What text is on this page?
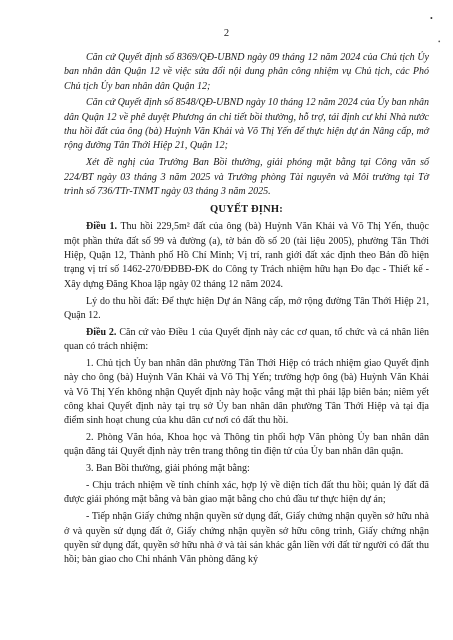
2
•
•

Căn cứ Quyết định số 8369/QĐ-UBND ngày 09 tháng 12 năm 2024 của Chủ tịch Ủy ban nhân dân Quận 12 về việc sửa đổi nội dung phân công nhiệm vụ Chủ tịch, các Phó Chủ tịch Ủy ban nhân dân Quận 12;

Căn cứ Quyết định số 8548/QĐ-UBND ngày 10 tháng 12 năm 2024 của Ủy ban nhân dân Quận 12 về phê duyệt Phương án chi tiết bồi thường, hỗ trợ, tái định cư khi Nhà nước thu hồi đất của ông (bà) Huỳnh Văn Khải và Võ Thị Yến để thực hiện dự án Nâng cấp, mở rộng đường Tân Thới Hiệp 21, Quận 12;

Xét đề nghị của Trưởng Ban Bồi thường, giải phóng mặt bằng tại Công văn số 224/BT ngày 03 tháng 3 năm 2025 và Trưởng phòng Tài nguyên và Môi trường tại Tờ trình số 736/TTr-TNMT ngày 03 tháng 3 năm 2025.

QUYẾT ĐỊNH:

Điều 1. Thu hồi 229,5m² đất của ông (bà) Huỳnh Văn Khải và Võ Thị Yến, thuộc một phần thửa đất số 99 và đường (a), tờ bản đồ số 20 (tài liệu 2005), phường Tân Thới Hiệp, Quận 12, Thành phố Hồ Chí Minh; Vị trí, ranh giới đất xác định theo Bản đồ hiện trạng vị trí số 1462-270/ĐĐBĐ-ĐK do Công ty Trách nhiệm hữu hạn Đo đạc - Thiết kế - Xây dựng Đăng Khoa lập ngày 02 tháng 12 năm 2024.

Lý do thu hồi đất: Để thực hiện Dự án Nâng cấp, mở rộng đường Tân Thới Hiệp 21, Quận 12.

Điều 2. Căn cứ vào Điều 1 của Quyết định này các cơ quan, tổ chức và cá nhân liên quan có trách nhiệm:

1. Chủ tịch Ủy ban nhân dân phường Tân Thới Hiệp có trách nhiệm giao Quyết định này cho ông (bà) Huỳnh Văn Khải và Võ Thị Yến; trường hợp ông (bà) Huỳnh Văn Khải và Võ Thị Yến không nhận Quyết định này hoặc vắng mặt thì phải lập biên bản; niêm yết công khai Quyết định này tại trụ sở Ủy ban nhân dân phường Tân Thới Hiệp và tại địa điểm sinh hoạt chung của khu dân cư nơi có đất thu hồi.

2. Phòng Văn hóa, Khoa học và Thông tin phối hợp Văn phòng Ủy ban nhân dân quận đăng tải Quyết định này trên trang thông tin điện tử của Ủy ban nhân dân quận.

3. Ban Bồi thường, giải phóng mặt bằng:

- Chịu trách nhiệm về tính chính xác, hợp lý về diện tích đất thu hồi; quản lý đất đã được giải phóng mặt bằng và bàn giao mặt bằng cho chủ đầu tư thực hiện dự án;

- Tiếp nhận Giấy chứng nhận quyền sử dụng đất, Giấy chứng nhận quyền sở hữu nhà ở và quyền sử dụng đất ở, Giấy chứng nhận quyền sở hữu công trình, Giấy chứng nhận quyền sử dụng đất, quyền sở hữu nhà ở và tài sản khác gắn liền với đất từ người có đất thu hồi; bàn giao cho Chi nhánh Văn phòng đăng ký
